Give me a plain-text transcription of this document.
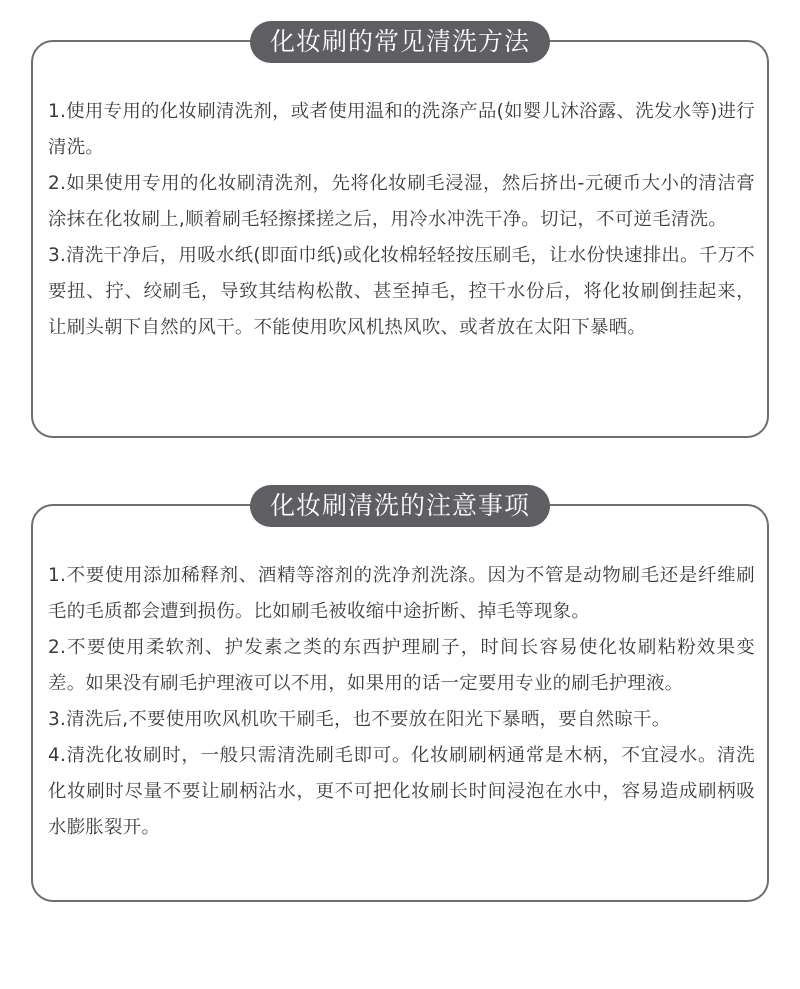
化妆刷的常见清洗方法

1.使用专用的化妆刷清洗剂，或者使用温和的洗涤产品(如婴儿沐浴露、洗发水等)进行清洗。

2.如果使用专用的化妆刷清洗剂，先将化妆刷毛浸湿，然后挤出-元硬币大小的清洁膏涂抹在化妆刷上,顺着刷毛轻擦揉搓之后，用冷水冲洗干净。切记，不可逆毛清洗。

3.清洗干净后，用吸水纸(即面巾纸)或化妆棉轻轻按压刷毛，让水份快速排出。千万不要扭、拧、绞刷毛，导致其结构松散、甚至掉毛，控干水份后，将化妆刷倒挂起来，让刷头朝下自然的风干。不能使用吹风机热风吹、或者放在太阳下暴晒。

化妆刷清洗的注意事项

1.不要使用添加稀释剂、酒精等溶剂的洗净剂洗涤。因为不管是动物刷毛还是纤维刷毛的毛质都会遭到损伤。比如刷毛被收缩中途折断、掉毛等现象。

2.不要使用柔软剂、护发素之类的东西护理刷子，时间长容易使化妆刷粘粉效果变差。如果没有刷毛护理液可以不用，如果用的话一定要用专业的刷毛护理液。

3.清洗后,不要使用吹风机吹干刷毛，也不要放在阳光下暴晒，要自然晾干。

4.清洗化妆刷时，一般只需清洗刷毛即可。化妆刷刷柄通常是木柄，不宜浸水。清洗化妆刷时尽量不要让刷柄沾水，更不可把化妆刷长时间浸泡在水中，容易造成刷柄吸水膨胀裂开。
